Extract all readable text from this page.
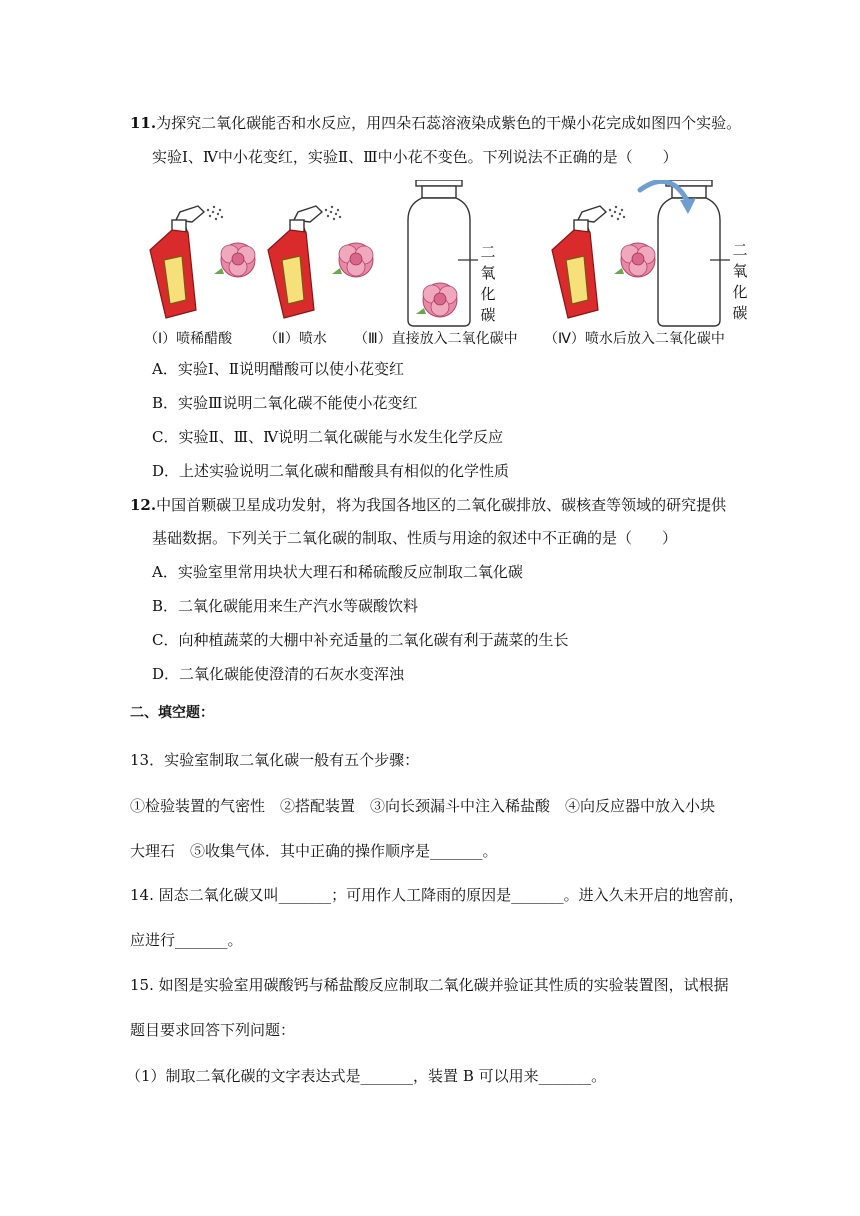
11.为探究二氧化碳能否和水反应，用四朵石蕊溶液染成紫色的干燥小花完成如图四个实验。
实验Ⅰ、Ⅳ中小花变红，实验Ⅱ、Ⅲ中小花不变色。下列说法不正确的是（　　）
二
氧
化
碳
二
氧
化
碳
（Ⅰ）喷稀醋酸 （Ⅱ）喷水 （Ⅲ）直接放入二氧化碳中 （Ⅳ）喷水后放入二氧化碳中
A．实验Ⅰ、Ⅱ说明醋酸可以使小花变红
B．实验Ⅲ说明二氧化碳不能使小花变红
C．实验Ⅱ、Ⅲ、Ⅳ说明二氧化碳能与水发生化学反应
D．上述实验说明二氧化碳和醋酸具有相似的化学性质
12.中国首颗碳卫星成功发射，将为我国各地区的二氧化碳排放、碳核查等领域的研究提供
基础数据。下列关于二氧化碳的制取、性质与用途的叙述中不正确的是（　　）
A．实验室里常用块状大理石和稀硫酸反应制取二氧化碳
B．二氧化碳能用来生产汽水等碳酸饮料
C．向种植蔬菜的大棚中补充适量的二氧化碳有利于蔬菜的生长
D．二氧化碳能使澄清的石灰水变浑浊
二、填空题：
13．实验室制取二氧化碳一般有五个步骤：
①检验装置的气密性　②搭配装置　③向长颈漏斗中注入稀盐酸　④向反应器中放入小块
大理石　⑤收集气体．其中正确的操作顺序是_______。
14. 固态二氧化碳又叫_______；可用作人工降雨的原因是_______。进入久未开启的地窖前，
应进行_______。
15. 如图是实验室用碳酸钙与稀盐酸反应制取二氧化碳并验证其性质的实验装置图，试根据
题目要求回答下列问题：
（1）制取二氧化碳的文字表达式是_______，装置 B 可以用来_______。
